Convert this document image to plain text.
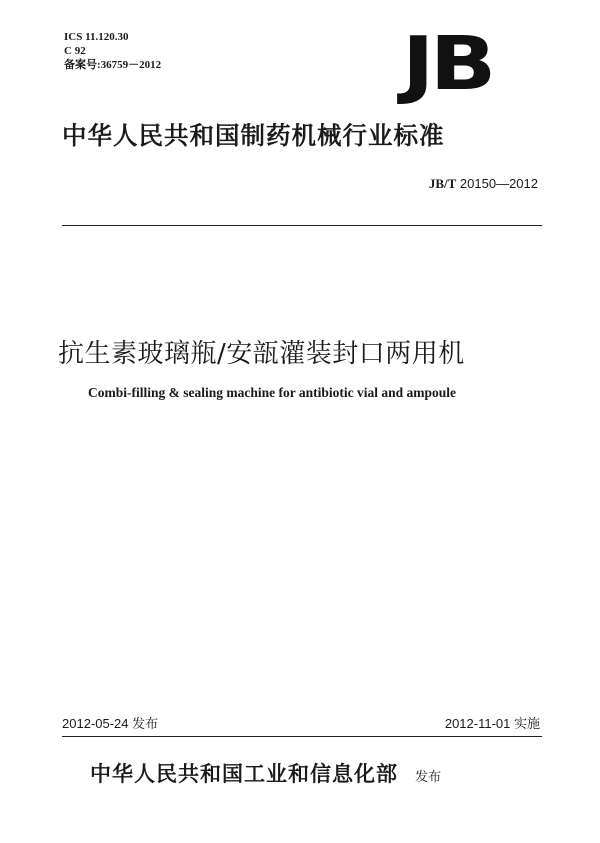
ICS 11.120.30
C 92
备案号:36759－2012	JB
中华人民共和国制药机械行业标准
JB/T 20150—2012
抗生素玻璃瓶/安瓿灌装封口两用机
Combi-filling & sealing machine for antibiotic vial and ampoule
2012-05-24 发布	2012-11-01 实施
中华人民共和国工业和信息化部 发布
